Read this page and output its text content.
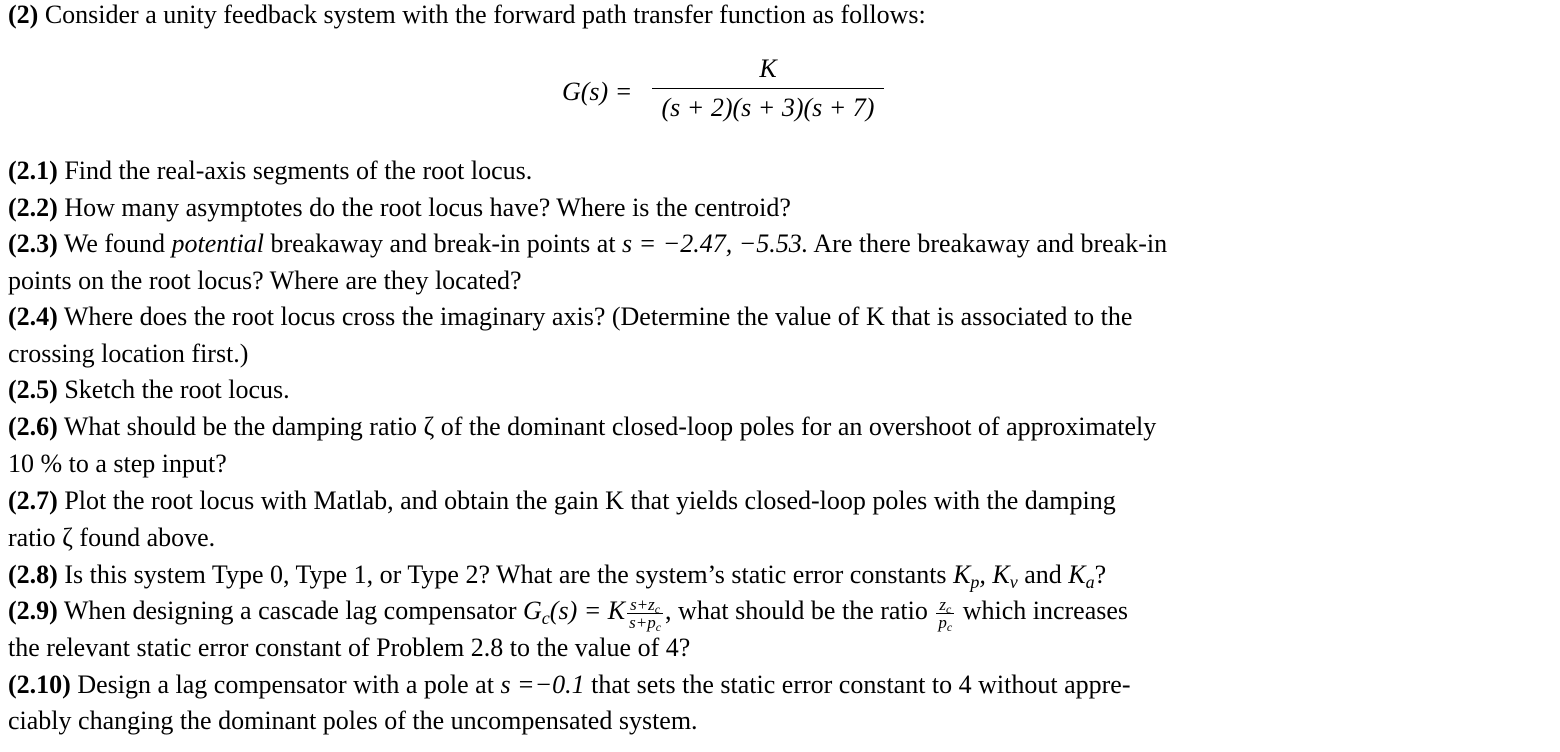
(2) Consider a unity feedback system with the forward path transfer function as follows:
G(s) =
K
(s + 2)(s + 3)(s + 7)
(2.1) Find the real-axis segments of the root locus.
(2.2) How many asymptotes do the root locus have? Where is the centroid?
(2.3) We found potential breakaway and break-in points at s = −2.47, −5.53. Are there breakaway and break-in
points on the root locus? Where are they located?
(2.4) Where does the root locus cross the imaginary axis? (Determine the value of K that is associated to the
crossing location first.)
(2.5) Sketch the root locus.
(2.6) What should be the damping ratio ζ of the dominant closed-loop poles for an overshoot of approximately
10 % to a step input?
(2.7) Plot the root locus with Matlab, and obtain the gain K that yields closed-loop poles with the damping
ratio ζ found above.
(2.8) Is this system Type 0, Type 1, or Type 2? What are the system’s static error constants $K_p$, $K_v$ and $K_a$?
(2.9) When designing a cascade lag compensator $G_c(s) = K \frac{s+z_c}{s+p_c}$ , what should be the ratio $\frac{z_c}{p_c}$ which increases
the relevant static error constant of Problem 2.8 to the value of 4?
(2.10) Design a lag compensator with a pole at s =−0.1 that sets the static error constant to 4 without appre-
ciably changing the dominant poles of the uncompensated system.
